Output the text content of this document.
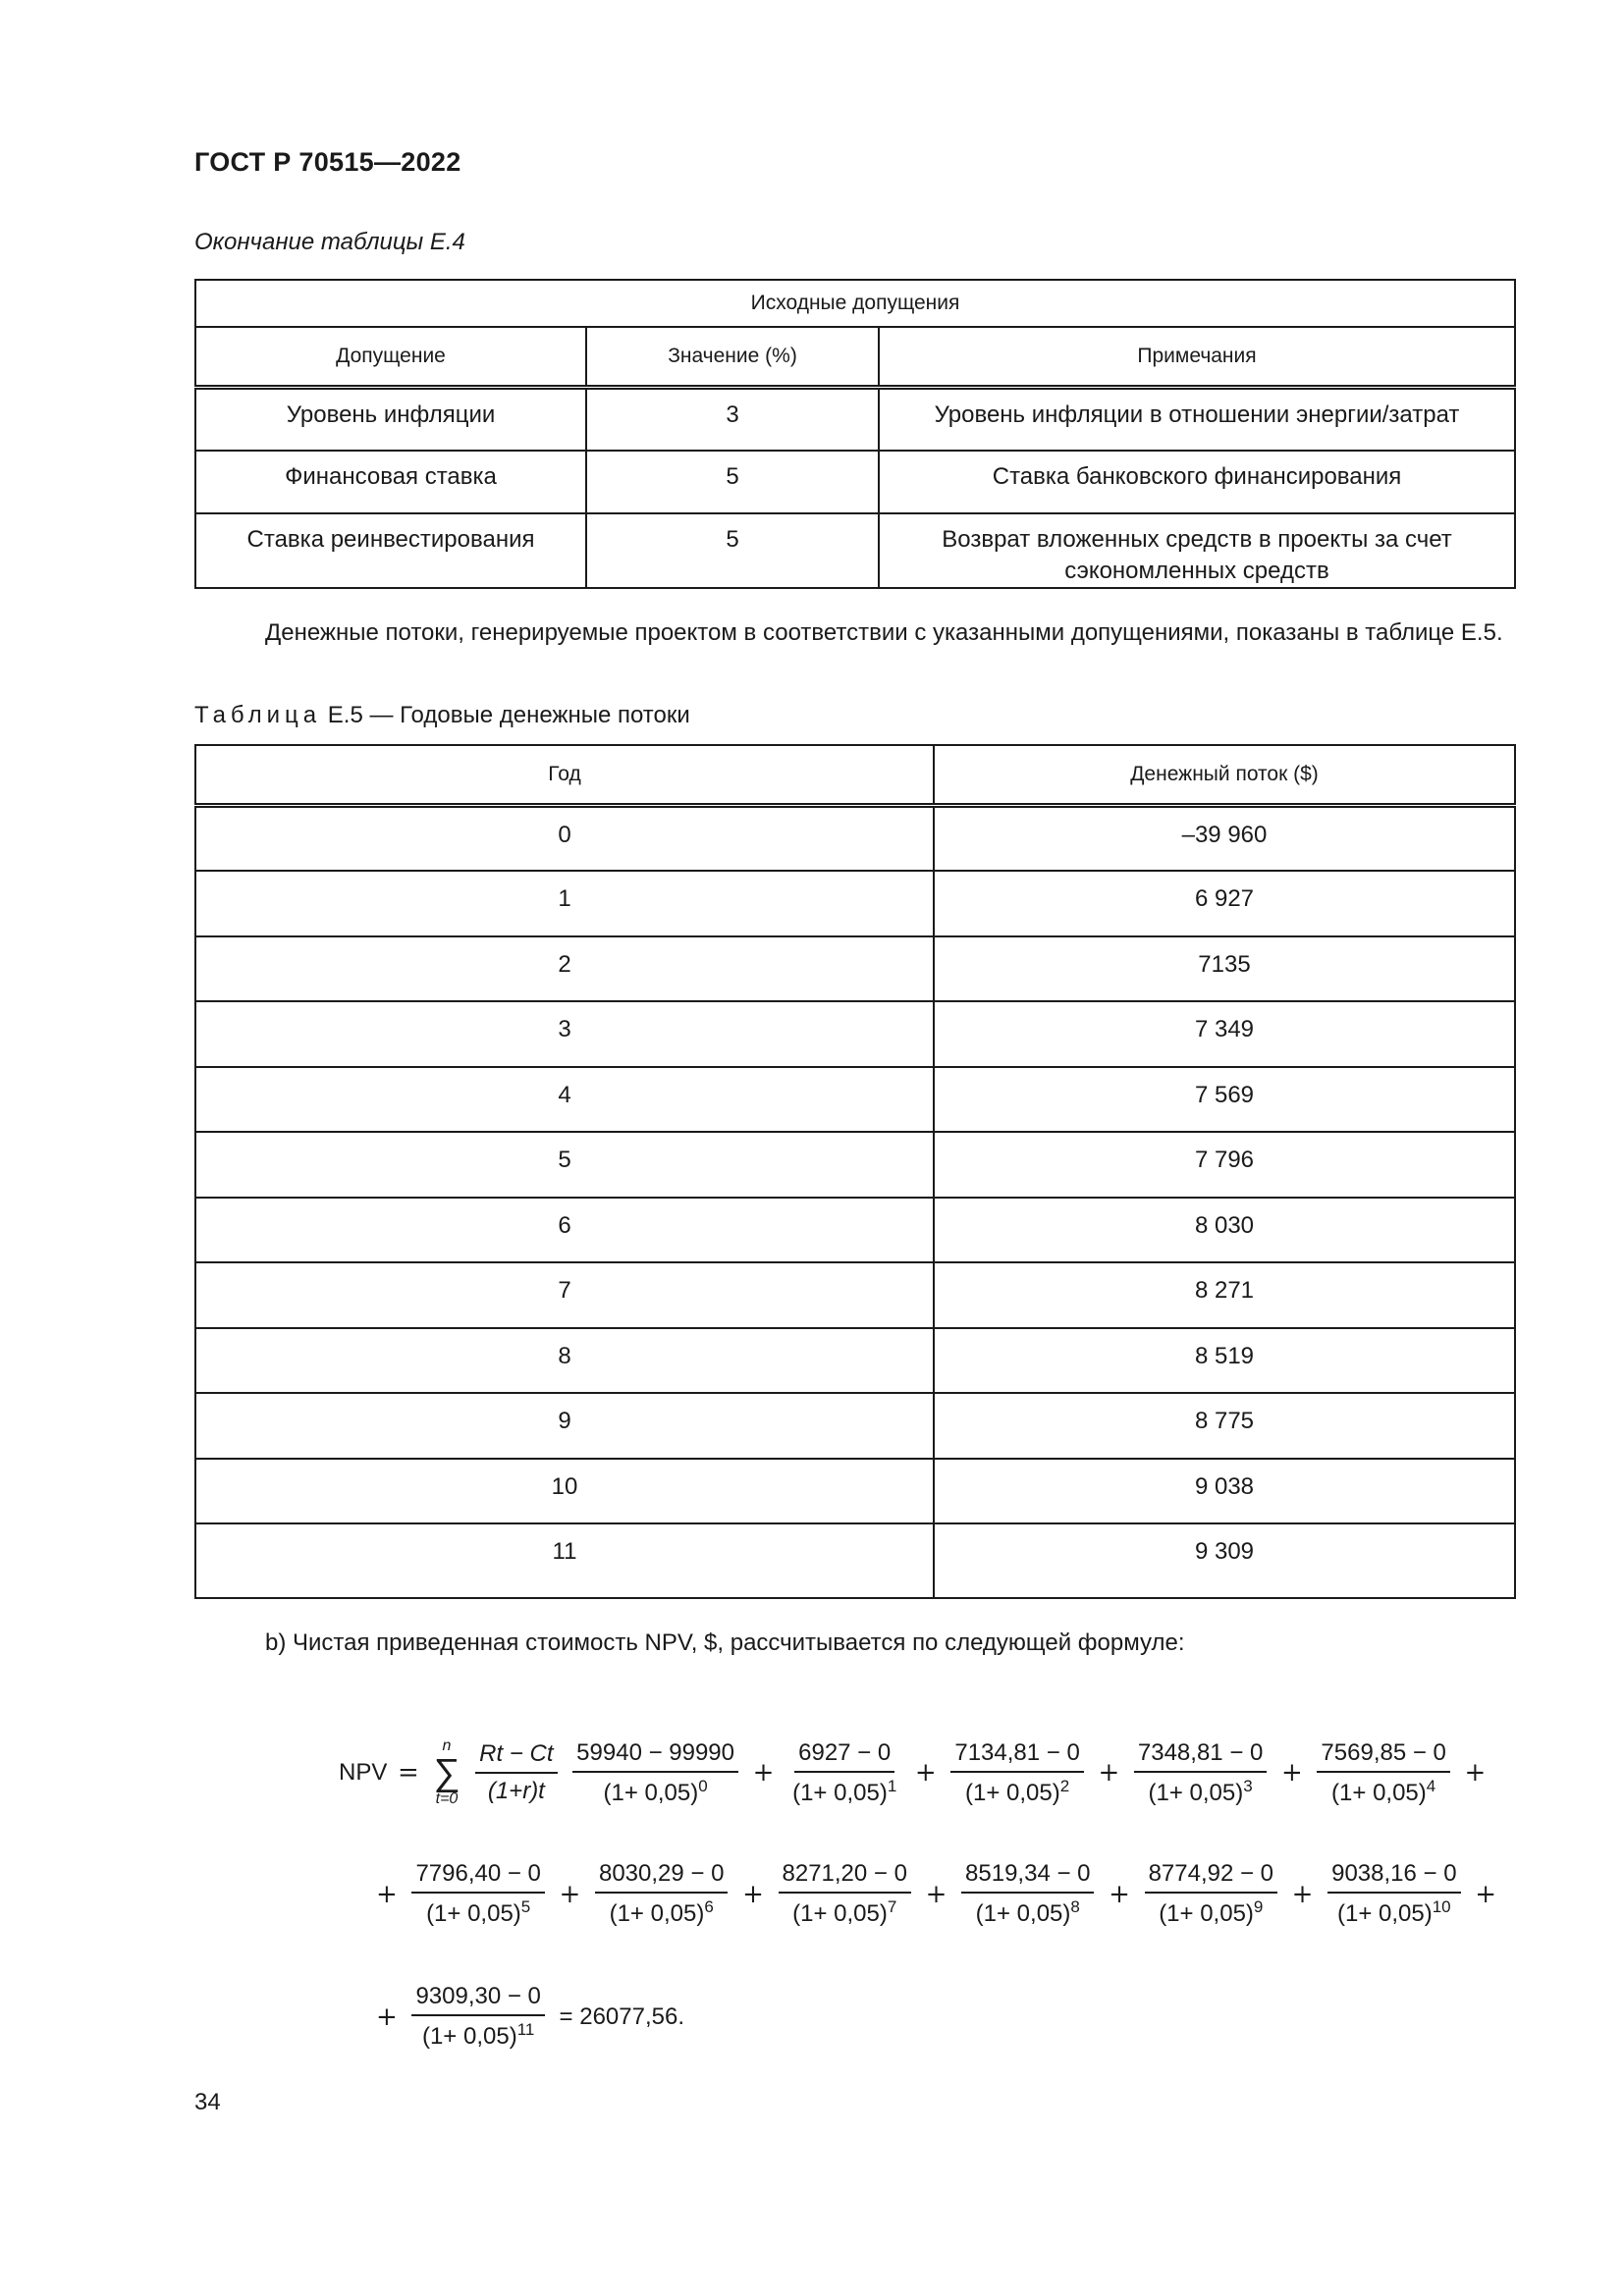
ГОСТ Р 70515—2022
Окончание таблицы Е.4
Исходные допущения		
Допущение	Значение (%)	Примечания
Уровень инфляции	3	Уровень инфляции в отношении энергии/затрат
Финансовая ставка	5	Ставка банковского финансирования
Ставка реинвестирования	5	Возврат вложенных средств в проекты за счет сэкономленных средств
Денежные потоки, генерируемые проектом в соответствии с указанными допущениями, показаны в таблице Е.5.
Таблица Е.5 — Годовые денежные потоки
Год	Денежный поток ($)
0	–39 960
1	6 927
2	7135
3	7 349
4	7 569
5	7 796
6	8 030
7	8 271
8	8 519
9	8 775
10	9 038
11	9 309
b) Чистая приведенная стоимость NPV, $, рассчитывается по следующей формуле:
NPV =
n
∑
t=0
$\frac{Rt - Ct}{(1+r)t}$
$\frac{59940 - 99990}{(1+ 0,05)^0} + \frac{6927 - 0}{(1+ 0,05)^1} + \frac{7134,81 - 0}{(1+ 0,05)^2} + \frac{7348,81 - 0}{(1+ 0,05)^3} + \frac{7569,85 - 0}{(1+ 0,05)^4}$ +
+ $\frac{7796,40 - 0}{(1+ 0,05)^5} + \frac{8030,29 - 0}{(1+ 0,05)^6} + \frac{8271,20 - 0}{(1+ 0,05)^7} + \frac{8519,34 - 0}{(1+ 0,05)^8} + \frac{8774,92 - 0}{(1+ 0,05)^9} + \frac{9038,16 - 0}{(1+ 0,05)^{10}}$ +
+ $\frac{9309,30 - 0}{(1+ 0,05)^{11}} = 26077,56$.
34
